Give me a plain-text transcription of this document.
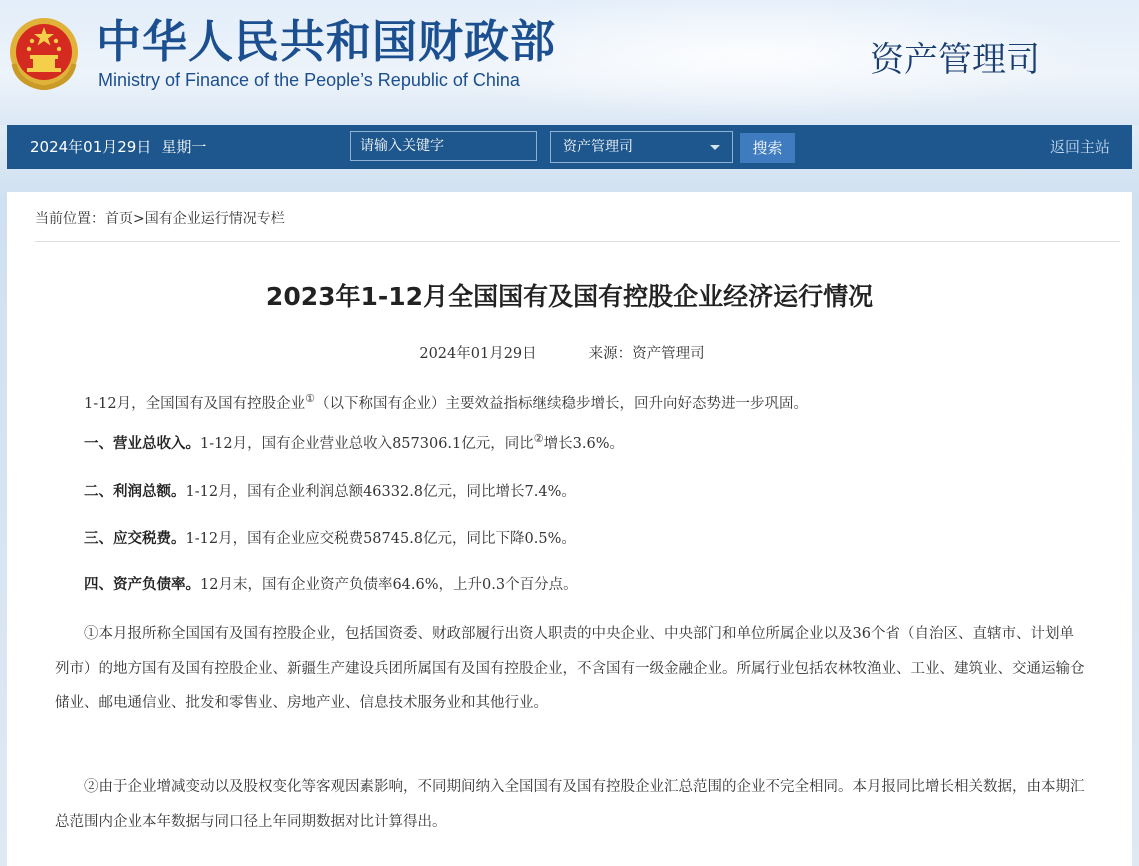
中华人民共和国财政部
Ministry of Finance of the People’s Republic of China	资产管理司
2024年01月29日 星期一
请输入关键字	资产管理司	搜索	返回主站
当前位置：首页>国有企业运行情况专栏
2023年1-12月全国国有及国有控股企业经济运行情况
2024年01月29日	来源：资产管理司
1-12月，全国国有及国有控股企业①（以下称国有企业）主要效益指标继续稳步增长，回升向好态势进一步巩固。
一、营业总收入。1-12月，国有企业营业总收入857306.1亿元，同比②增长3.6%。
二、利润总额。1-12月，国有企业利润总额46332.8亿元，同比增长7.4%。
三、应交税费。1-12月，国有企业应交税费58745.8亿元，同比下降0.5%。
四、资产负债率。12月末，国有企业资产负债率64.6%，上升0.3个百分点。

①本月报所称全国国有及国有控股企业，包括国资委、财政部履行出资人职责的中央企业、中央部门和单位所属企业以及36个省（自治区、直辖市、计划单列市）的地方国有及国有控股企业、新疆生产建设兵团所属国有及国有控股企业，不含国有一级金融企业。所属行业包括农林牧渔业、工业、建筑业、交通运输仓储业、邮电通信业、批发和零售业、房地产业、信息技术服务业和其他行业。

②由于企业增减变动以及股权变化等客观因素影响，不同期间纳入全国国有及国有控股企业汇总范围的企业不完全相同。本月报同比增长相关数据，由本期汇总范围内企业本年数据与同口径上年同期数据对比计算得出。
